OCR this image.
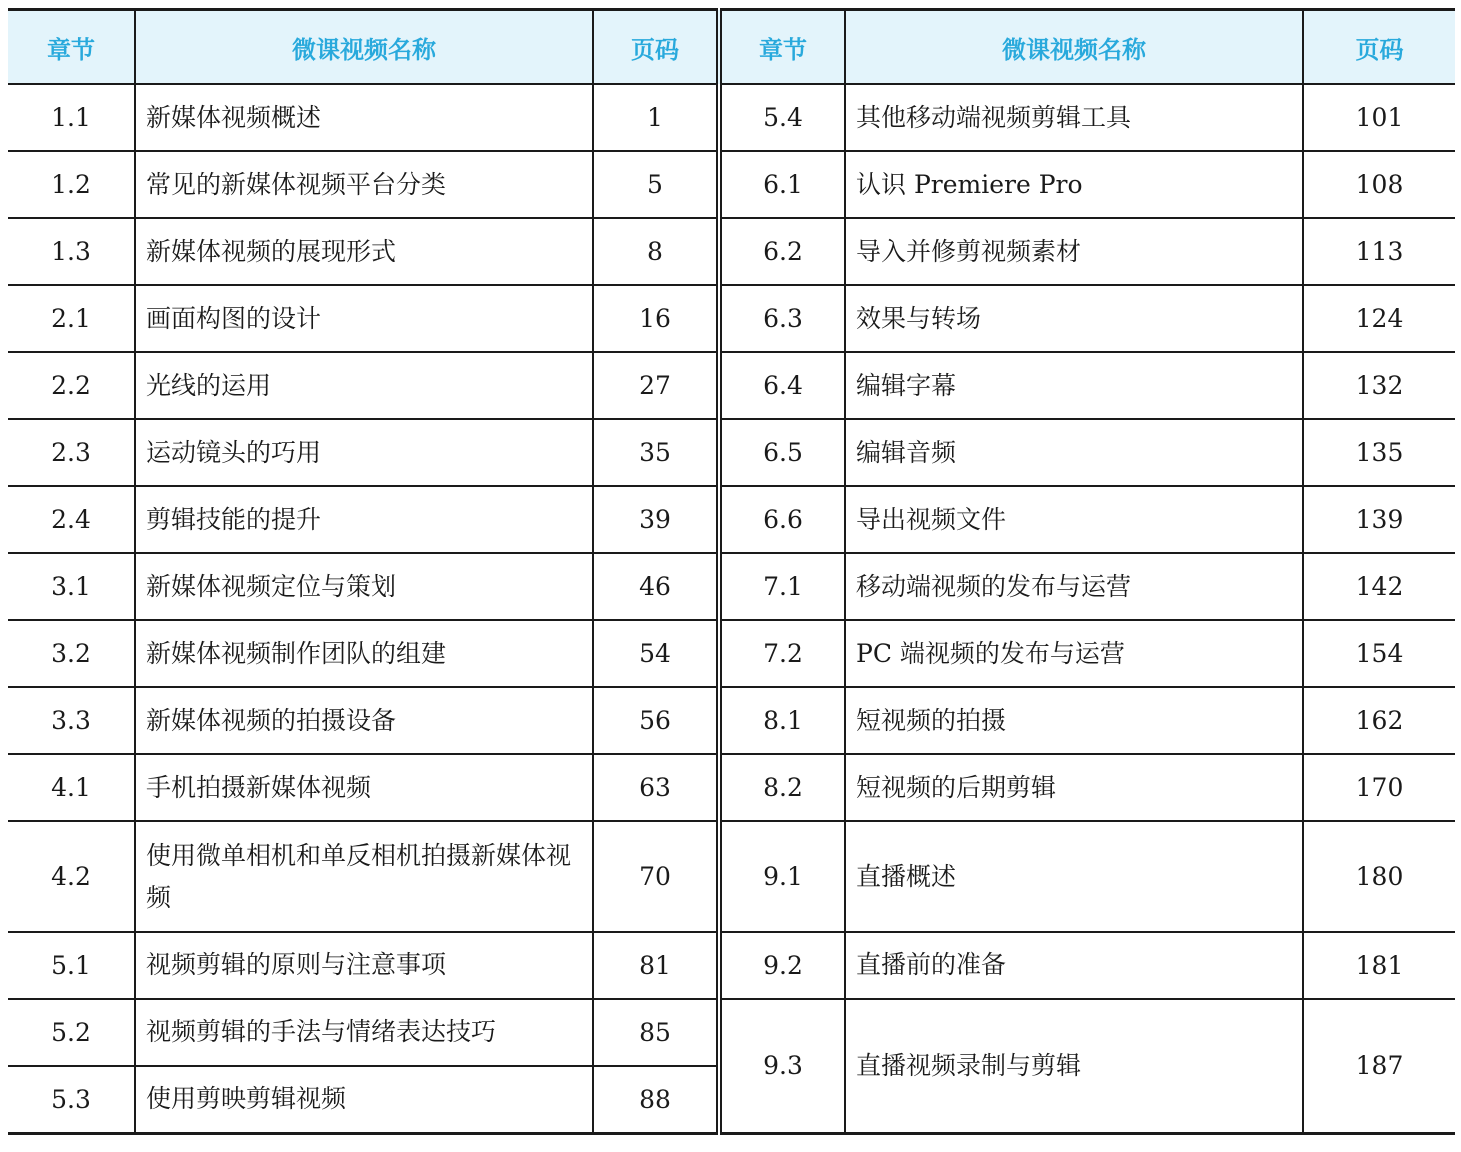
章节	微课视频名称	页码	章节	微课视频名称	页码
1.1	新媒体视频概述	1	5.4	其他移动端视频剪辑工具	101
1.2	常见的新媒体视频平台分类	5	6.1	认识 Premiere Pro	108
1.3	新媒体视频的展现形式	8	6.2	导入并修剪视频素材	113
2.1	画面构图的设计	16	6.3	效果与转场	124
2.2	光线的运用	27	6.4	编辑字幕	132
2.3	运动镜头的巧用	35	6.5	编辑音频	135
2.4	剪辑技能的提升	39	6.6	导出视频文件	139
3.1	新媒体视频定位与策划	46	7.1	移动端视频的发布与运营	142
3.2	新媒体视频制作团队的组建	54	7.2	PC 端视频的发布与运营	154
3.3	新媒体视频的拍摄设备	56	8.1	短视频的拍摄	162
4.1	手机拍摄新媒体视频	63	8.2	短视频的后期剪辑	170
4.2	使用微单相机和单反相机拍摄新媒体视频	70	9.1	直播概述	180
5.1	视频剪辑的原则与注意事项	81	9.2	直播前的准备	181
5.2	视频剪辑的手法与情绪表达技巧	85	9.3	直播视频录制与剪辑	187
5.3	使用剪映剪辑视频	88			
